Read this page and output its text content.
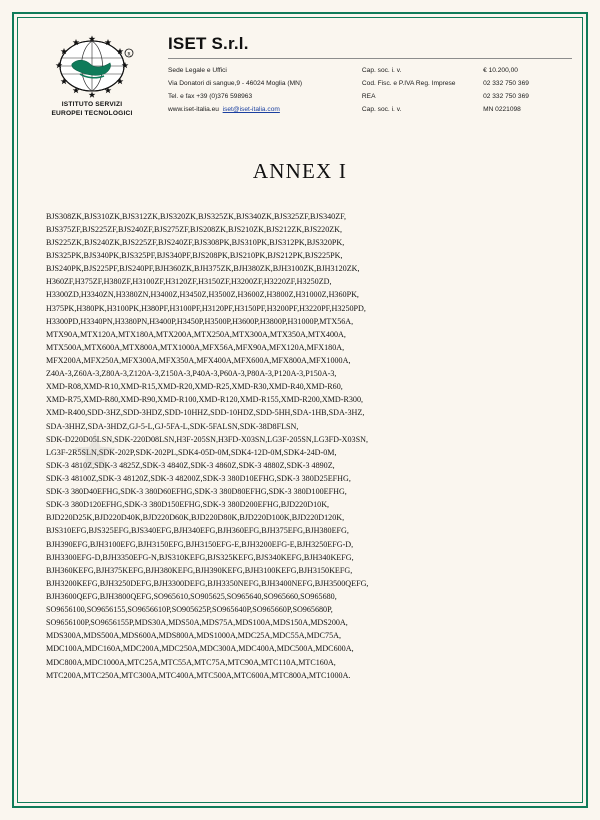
R
ISTITUTO SERVIZI
EUROPEI TECNOLOGICI
ISET S.r.l.
Sede Legale e Uffici	Cap. soc. i. v.	€ 10.200,00
Via Donatori di sangue,9 - 46024 Moglia (MN)	Cod. Fisc. e P.IVA Reg. Imprese	02 332 750 369
Tel. e fax +39 (0)376 598963	REA	02 332 750 369
www.iset-italia.eu iset@iset-italia.com	Cap. soc. i. v.	MN 0221098
ANNEX I
BJS308ZK,BJS310ZK,BJS312ZK,BJS320ZK,BJS325ZK,BJS340ZK,BJS325ZF,BJS340ZF,
BJS375ZF,BJS225ZF,BJS240ZF,BJS275ZF,BJS208ZK,BJS210ZK,BJS212ZK,BJS220ZK,
BJS225ZK,BJS240ZK,BJS225ZF,BJS240ZF,BJS308PK,BJS310PK,BJS312PK,BJS320PK,
BJS325PK,BJS340PK,BJS325PF,BJS340PF,BJS208PK,BJS210PK,BJS212PK,BJS225PK,
BJS240PK,BJS225PF,BJS240PF,BJH360ZK,BJH375ZK,BJH380ZK,BJH3100ZK,BJH3120ZK,
H360ZF,H375ZF,H380ZF,H3100ZF,H3120ZF,H3150ZF,H3200ZF,H3220ZF,H3250ZD,
H3300ZD,H3340ZN,H3380ZN,H3400Z,H3450Z,H3500Z,H3600Z,H3800Z,H31000Z,H360PK,
H375PK,H380PK,H3100PK,H380PF,H3100PF,H3120PF,H3150PF,H3200PF,H3220PF,H3250PD,
H3300PD,H3340PN,H3380PN,H3400P,H3450P,H3500P,H3600P,H3800P,H31000P,MTX56A,
MTX90A,MTX120A,MTX180A,MTX200A,MTX250A,MTX300A,MTX350A,MTX400A,
MTX500A,MTX600A,MTX800A,MTX1000A,MFX56A,MFX90A,MFX120A,MFX180A,
MFX200A,MFX250A,MFX300A,MFX350A,MFX400A,MFX600A,MFX800A,MFX1000A,
Z40A-3,Z60A-3,Z80A-3,Z120A-3,Z150A-3,P40A-3,P60A-3,P80A-3,P120A-3,P150A-3,
XMD-R08,XMD-R10,XMD-R15,XMD-R20,XMD-R25,XMD-R30,XMD-R40,XMD-R60,
XMD-R75,XMD-R80,XMD-R90,XMD-R100,XMD-R120,XMD-R155,XMD-R200,XMD-R300,
XMD-R400,SDD-3HZ,SDD-3HDZ,SDD-10HHZ,SDD-10HDZ,SDD-5HH,SDA-1HB,SDA-3HZ,
SDA-3HHZ,SDA-3HDZ,GJ-5-L,GJ-5FA-L,SDK-5FALSN,SDK-38D8FLSN,
SDK-D220D05LSN,SDK-220D08LSN,H3F-205SN,H3FD-X03SN,LG3F-205SN,LG3FD-X03SN,
LG3F-2R5SLN,SDK-202P,SDK-202PL,SDK4-05D-0M,SDK4-12D-0M,SDK4-24D-0M,
SDK-3 4810Z,SDK-3 4825Z,SDK-3 4840Z,SDK-3 4860Z,SDK-3 4880Z,SDK-3 4890Z,
SDK-3 48100Z,SDK-3 48120Z,SDK-3 48200Z,SDK-3 380D10EFHG,SDK-3 380D25EFHG,
SDK-3 380D40EFHG,SDK-3 380D60EFHG,SDK-3 380D80EFHG,SDK-3 380D100EFHG,
SDK-3 380D120EFHG,SDK-3 380D150EFHG,SDK-3 380D200EFHG,BJD220D10K,
BJD220D25K,BJD220D40K,BJD220D60K,BJD220D80K,BJD220D100K,BJD220D120K,
BJS310EFG,BJS325EFG,BJS340EFG,BJH340EFG,BJH360EFG,BJH375EFG,BJH380EFG,
BJH390EFG,BJH3100EFG,BJH3150EFG,BJH3150EFG-E,BJH3200EFG-E,BJH3250EFG-D,
BJH3300EFG-D,BJH3350EFG-N,BJS310KEFG,BJS325KEFG,BJS340KEFG,BJH340KEFG,
BJH360KEFG,BJH375KEFG,BJH380KEFG,BJH390KEFG,BJH3100KEFG,BJH3150KEFG,
BJH3200KEFG,BJH3250DEFG,BJH3300DEFG,BJH3350NEFG,BJH3400NEFG,BJH3500QEFG,
BJH3600QEFG,BJH3800QEFG,SO965610,SO905625,SO965640,SO965660,SO965680,
SO9656100,SO9656155,SO9656610P,SO905625P,SO965640P,SO965660P,SO965680P,
SO9656100P,SO9656155P,MDS30A,MDS50A,MDS75A,MDS100A,MDS150A,MDS200A,
MDS300A,MDS500A,MDS600A,MDS800A,MDS1000A,MDC25A,MDC55A,MDC75A,
MDC100A,MDC160A,MDC200A,MDC250A,MDC300A,MDC400A,MDC500A,MDC600A,
MDC800A,MDC1000A,MTC25A,MTC55A,MTC75A,MTC90A,MTC110A,MTC160A,
MTC200A,MTC250A,MTC300A,MTC400A,MTC500A,MTC600A,MTC800A,MTC1000A.
